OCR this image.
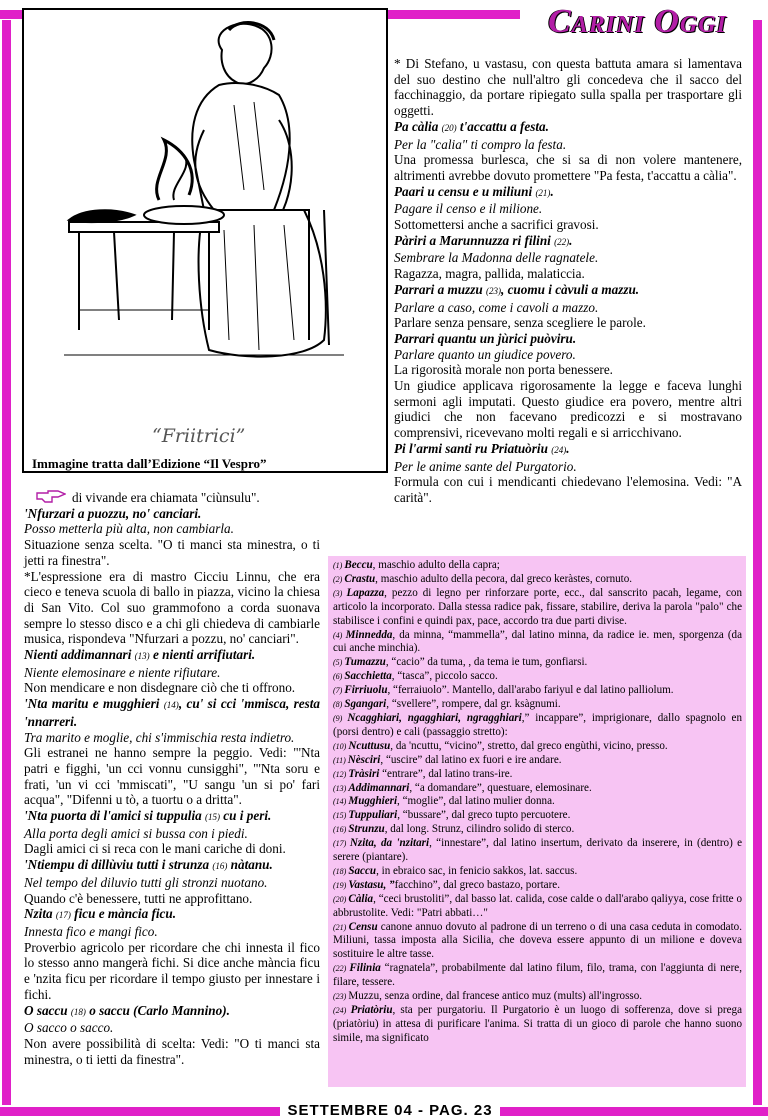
Carini Oggi
“Friitrici”
Immagine tratta dall’Edizione “Il Vespro”

* Di Stefano, u vastasu, con questa battuta amara si lamentava del suo destino che null'altro gli concedeva che il sacco del facchinaggio, da portare ripiegato sulla spalla per trasportare gli oggetti.

Pa càlia (20) t'accattu a festa.

Per la "calia" ti compro la festa.

Una promessa burlesca, che si sa di non volere mantenere, altrimenti avrebbe dovuto promettere "Pa festa, t'accattu a càlia".

Paari u censu e u miliuni (21).

Pagare il censo e il milione.

Sottomettersi anche a sacrifici gravosi.

Pàriri a Marunnuzza ri filini (22).

Sembrare la Madonna delle ragnatele.

Ragazza, magra, pallida, malaticcia.

Parrari a muzzu (23), cuomu i càvuli a mazzu.

Parlare a caso, come i cavoli a mazzo.

Parlare senza pensare, senza scegliere le parole.

Parrari quantu un jùrici puòviru.

Parlare quanto un giudice povero.

La rigorosità morale non porta benessere.

Un giudice applicava rigorosamente la legge e faceva lunghi sermoni agli imputati. Questo giudice era povero, mentre altri giudici che non facevano predicozzi e si mostravano comprensivi, ricevevano molti regali e si arricchivano.

Pi l'armi santi ru Priatuòriu (24).

Per le anime sante del Purgatorio.

Formula con cui i mendicanti chiedevano l'elemosina. Vedi: "A carità".

di vivande era chiamata "ciùnsulu".

'Nfurzari a puozzu, no' canciari.

Posso metterla più alta, non cambiarla.

Situazione senza scelta. "O ti manci sta minestra, o ti jetti ra finestra".

*L'espressione era di mastro Cicciu Linnu, che era cieco e teneva scuola di ballo in piazza, vicino la chiesa di San Vito. Col suo grammofono a corda suonava sempre lo stesso disco e a chi gli chiedeva di cambiarle musica, rispondeva "Nfurzari a pozzu, no' canciari".

Nienti addimannari (13) e nienti arrifiutari.

Niente elemosinare e niente rifiutare.

Non mendicare e non disdegnare ciò che ti offrono.

'Nta maritu e mugghieri (14), cu' si cci 'mmisca, resta 'nnarreri.

Tra marito e moglie, chi s'immischia resta indietro.

Gli estranei ne hanno sempre la peggio. Vedi: "'Nta patri e figghi, 'un cci vonnu cunsigghi", "'Nta soru e frati, 'un vi cci 'mmiscati", "U sangu 'un si po' fari acqua", "Difenni u tò, a tuortu o a dritta".

'Nta puorta di l'amici si tuppulia (15) cu i peri.

Alla porta degli amici si bussa con i piedi.

Dagli amici ci si reca con le mani cariche di doni.

'Ntiempu di dillùviu tutti i strunza (16) nàtanu.

Nel tempo del diluvio tutti gli stronzi nuotano.

Quando c'è benessere, tutti ne approfittano.

Nzita (17) ficu e mància ficu.

Innesta fico e mangi fico.

Proverbio agricolo per ricordare che chi innesta il fico lo stesso anno mangerà fichi. Si dice anche mància ficu e 'nzita ficu per ricordare il tempo giusto per innestare i fichi.

O saccu (18) o saccu (Carlo Mannino).

O sacco o sacco.

Non avere possibilità di scelta: Vedi: "O ti manci sta minestra, o ti ietti da finestra".

(1) Beccu, maschio adulto della capra;

(2) Crastu, maschio adulto della pecora, dal greco keràstes, cornuto.

(3) Lapazza, pezzo di legno per rinforzare porte, ecc., dal sanscrito pacah, legame, con articolo la incorporato. Dalla stessa radice pak, fissare, stabilire, deriva la parola "palo" che stabilisce i confini e quindi pax, pace, accordo tra due parti divise.

(4) Minnedda, da minna, “mammella”, dal latino minna, da radice ie. men, sporgenza (da cui anche minchia).

(5) Tumazzu, “cacio” da tuma, , da tema ie tum, gonfiarsi.

(6) Sacchietta, “tasca”, piccolo sacco.

(7) Firriuolu, “ferraiuolo”. Mantello, dall'arabo fariyul e dal latino palliolum.

(8) Sgangari, “svellere”, rompere, dal gr. ksàgnumi.

(9) Ncagghiari, ngagghiari, ngragghiari,” incappare”, imprigionare, dallo spagnolo en (porsi dentro) e cali (passaggio stretto):

(10) Ncuttusu, da 'ncuttu, “vicino”, stretto, dal greco engùthi, vicino, presso.

(11) Nèsciri, “uscire” dal latino ex fuori e ire andare.

(12) Tràsiri “entrare”, dal latino trans-ire.

(13) Addimannari, “a domandare”, questuare, elemosinare.

(14) Mugghieri, “moglie”, dal latino mulier donna.

(15) Tuppuliari, “bussare”, dal greco tupto percuotere.

(16) Strunzu, dal long. Strunz, cilindro solido di sterco.

(17) Nzita, da 'nzitari, “innestare”, dal latino insertum, derivato da inserere, in (dentro) e serere (piantare).

(18) Saccu, in ebraico sac, in fenicio sakkos, lat. saccus.

(19) Vastasu, ”facchino”, dal greco bastazo, portare.

(20) Càlia, “ceci brustoliti”, dal basso lat. calida, cose calde o dall'arabo qaliyya, cose fritte o abbrustolite. Vedi: "Patri abbati…"

(21) Censu canone annuo dovuto al padrone di un terreno o di una casa ceduta in comodato. Miliuni, tassa imposta alla Sicilia, che doveva essere appunto di un milione e doveva sostituire le altre tasse.

(22) Filinia “ragnatela”, probabilmente dal latino filum, filo, trama, con l'aggiunta di nere, filare, tessere.

(23) Muzzu, senza ordine, dal francese antico muz (mults) all'ingrosso.

(24) Priatòriu, sta per purgatoriu. Il Purgatorio è un luogo di sofferenza, dove si prega (priatòriu) in attesa di purificare l'anima. Si tratta di un gioco di parole che hanno suono simile, ma significato

SETTEMBRE 04 - PAG. 23
